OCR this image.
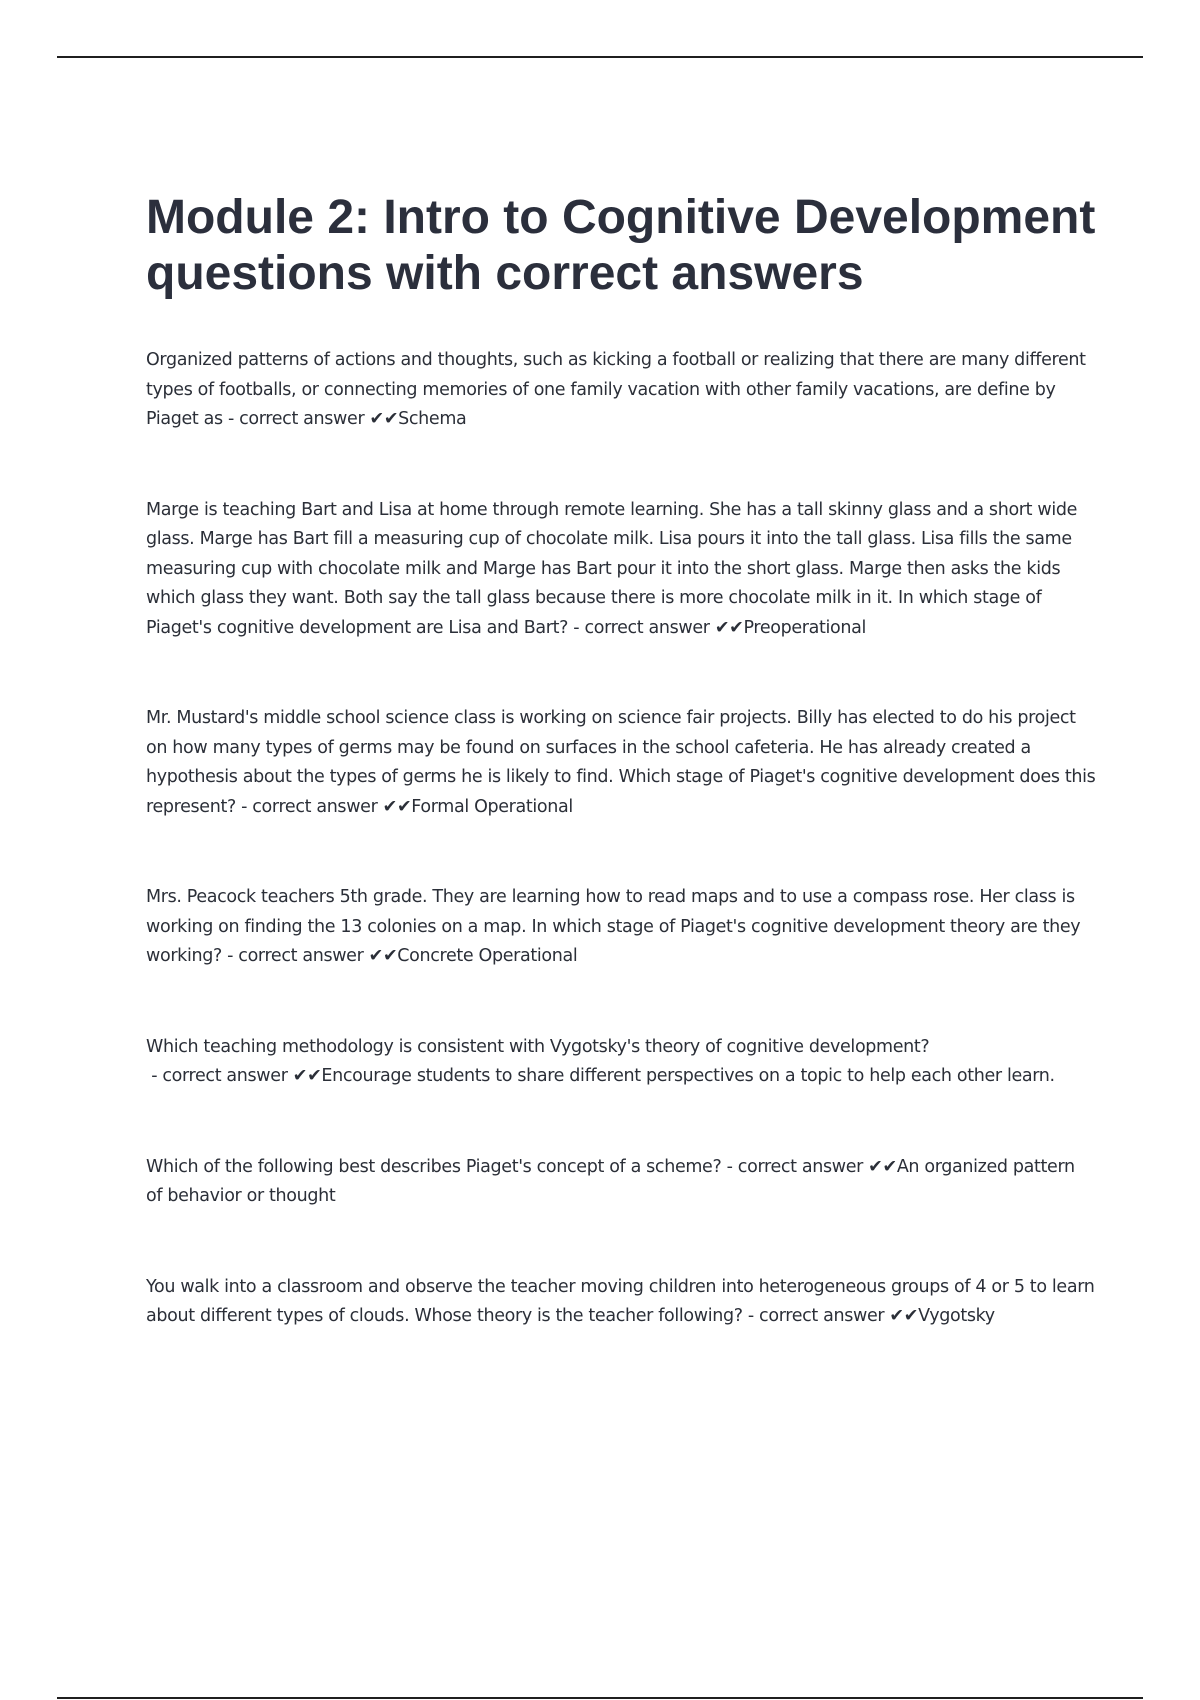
Module 2: Intro to Cognitive Development questions with correct answers

Organized patterns of actions and thoughts, such as kicking a football or realizing that there are many different types of footballs, or connecting memories of one family vacation with other family vacations, are define by Piaget as - correct answer ✔✔Schema

Marge is teaching Bart and Lisa at home through remote learning. She has a tall skinny glass and a short wide glass. Marge has Bart fill a measuring cup of chocolate milk. Lisa pours it into the tall glass. Lisa fills the same measuring cup with chocolate milk and Marge has Bart pour it into the short glass. Marge then asks the kids which glass they want. Both say the tall glass because there is more chocolate milk in it. In which stage of Piaget's cognitive development are Lisa and Bart? - correct answer ✔✔Preoperational

Mr. Mustard's middle school science class is working on science fair projects. Billy has elected to do his project on how many types of germs may be found on surfaces in the school cafeteria. He has already created a hypothesis about the types of germs he is likely to find. Which stage of Piaget's cognitive development does this represent? - correct answer ✔✔Formal Operational

Mrs. Peacock teachers 5th grade. They are learning how to read maps and to use a compass rose. Her class is working on finding the 13 colonies on a map. In which stage of Piaget's cognitive development theory are they working? - correct answer ✔✔Concrete Operational

Which teaching methodology is consistent with Vygotsky's theory of cognitive development? - correct answer ✔✔Encourage students to share different perspectives on a topic to help each other learn.

Which of the following best describes Piaget's concept of a scheme? - correct answer ✔✔An organized pattern of behavior or thought

You walk into a classroom and observe the teacher moving children into heterogeneous groups of 4 or 5 to learn about different types of clouds. Whose theory is the teacher following? - correct answer ✔✔Vygotsky
